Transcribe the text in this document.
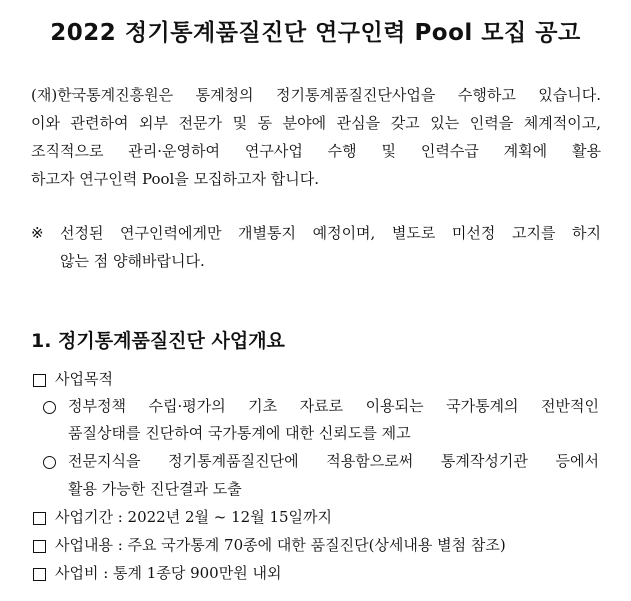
2022 정기통계품질진단 연구인력 Pool 모집 공고
(재)한국통계진흥원은 통계청의 정기통계품질진단사업을 수행하고 있습니다.
이와 관련하여 외부 전문가 및 동 분야에 관심을 갖고 있는 인력을 체계적이고,
조직적으로 관리·운영하여 연구사업 수행 및 인력수급 계획에 활용
하고자 연구인력 Pool을 모집하고자 합니다.
※ 선정된 연구인력에게만 개별통지 예정이며, 별도로 미선정 고지를 하지
않는 점 양해바랍니다.
1. 정기통계품질진단 사업개요
사업목적
정부정책 수립·평가의 기초 자료로 이용되는 국가통계의 전반적인
품질상태를 진단하여 국가통계에 대한 신뢰도를 제고
전문지식을 정기통계품질진단에 적용함으로써 통계작성기관 등에서
활용 가능한 진단결과 도출
사업기간 : 2022년 2월 ~ 12월 15일까지
사업내용 : 주요 국가통계 70종에 대한 품질진단(상세내용 별첨 참조)
사업비 : 통계 1종당 900만원 내외
